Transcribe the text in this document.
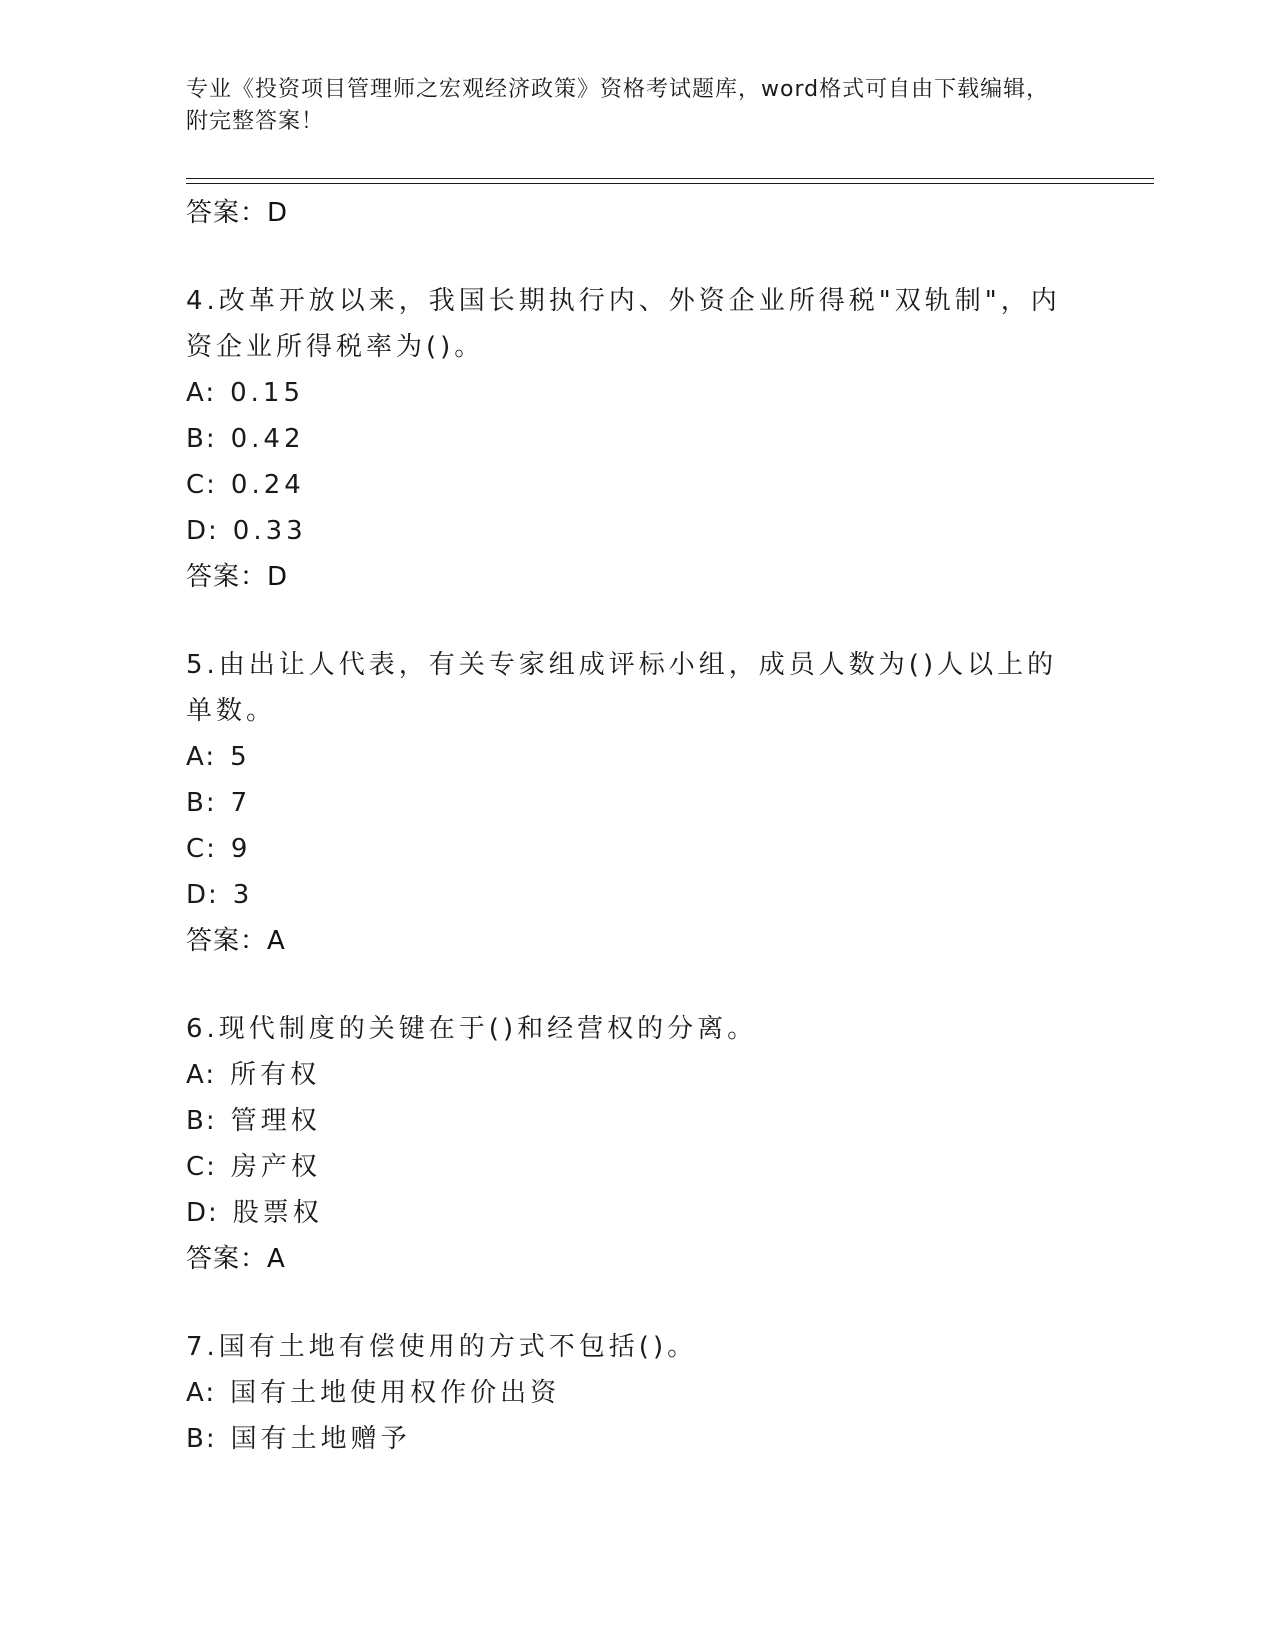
专业《投资项目管理师之宏观经济政策》资格考试题库，word格式可自由下载编辑，附完整答案！
答案：D
4.改革开放以来，我国长期执行内、外资企业所得税"双轨制"，内资企业所得税率为()。
A: 0.15
B: 0.42
C: 0.24
D: 0.33
答案：D
5.由出让人代表，有关专家组成评标小组，成员人数为()人以上的单数。
A: 5
B: 7
C: 9
D: 3
答案：A
6.现代制度的关键在于()和经营权的分离。
A: 所有权
B: 管理权
C: 房产权
D: 股票权
答案：A
7.国有土地有偿使用的方式不包括()。
A: 国有土地使用权作价出资
B: 国有土地赠予
